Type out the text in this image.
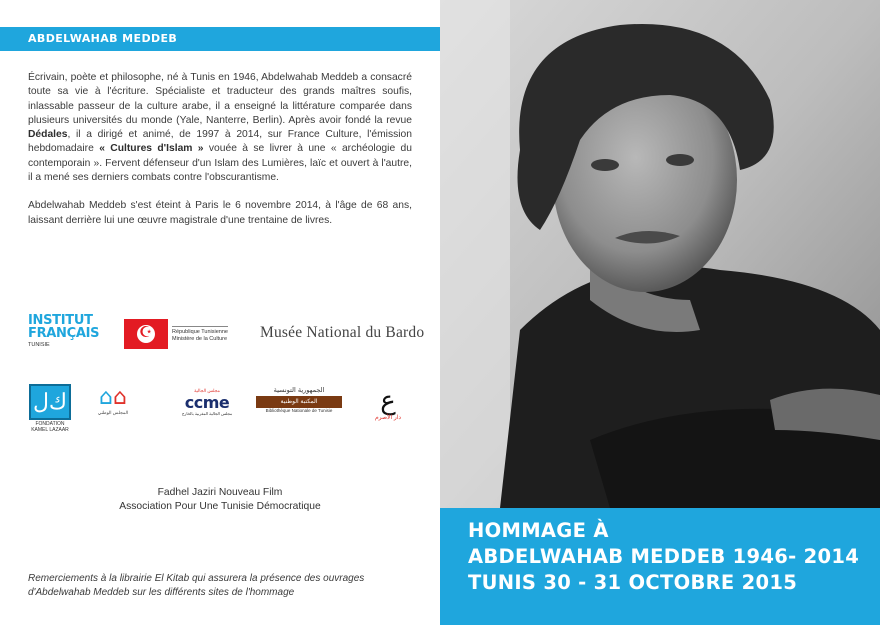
ABDELWAHAB MEDDEB

Écrivain, poète et philosophe, né à Tunis en 1946, Abdelwahab Meddeb a consacré toute sa vie à l'écriture. Spécialiste et traducteur des grands maîtres soufis, inlassable passeur de la culture arabe, il a enseigné la littérature comparée dans plusieurs universités du monde (Yale, Nanterre, Berlin). Après avoir fondé la revue Dédales, il a dirigé et animé, de 1997 à 2014, sur France Culture, l'émission hebdomadaire « Cultures d'Islam » vouée à se livrer à une « archéologie du contemporain ». Fervent défenseur d'un Islam des Lumières, laïc et ouvert à l'autre, il a mené ses derniers combats contre l'obscurantisme.

Abdelwahab Meddeb s'est éteint à Paris le 6 novembre 2014, à l'âge de 68 ans, laissant derrière lui une œuvre magistrale d'une trentaine de livres.

INSTITUT
FRANÇAIS
TUNISIE
☪
République Tunisienne
Ministère de la Culture Musée National du Bardo
ﻙﻝ
FONDATION KAMEL LAZAAR
⌂⌂
المجلس الوطني
مجلس الجالية
ccme
مجلس الجالية المغربية بالخارج
الجمهورية التونسية
المكتبة الوطنية
Bibliothèque Nationale de Tunisie	ع
دار الأصرم
Fadhel Jaziri Nouveau Film
Association Pour Une Tunisie Démocratique
Remerciements à la librairie El Kitab qui assurera la présence des ouvrages d'Abdelwahab Meddeb sur les différents sites de l'hommage
HOMMAGE À
ABDELWAHAB MEDDEB 1946- 2014
TUNIS 30 - 31 OCTOBRE 2015
